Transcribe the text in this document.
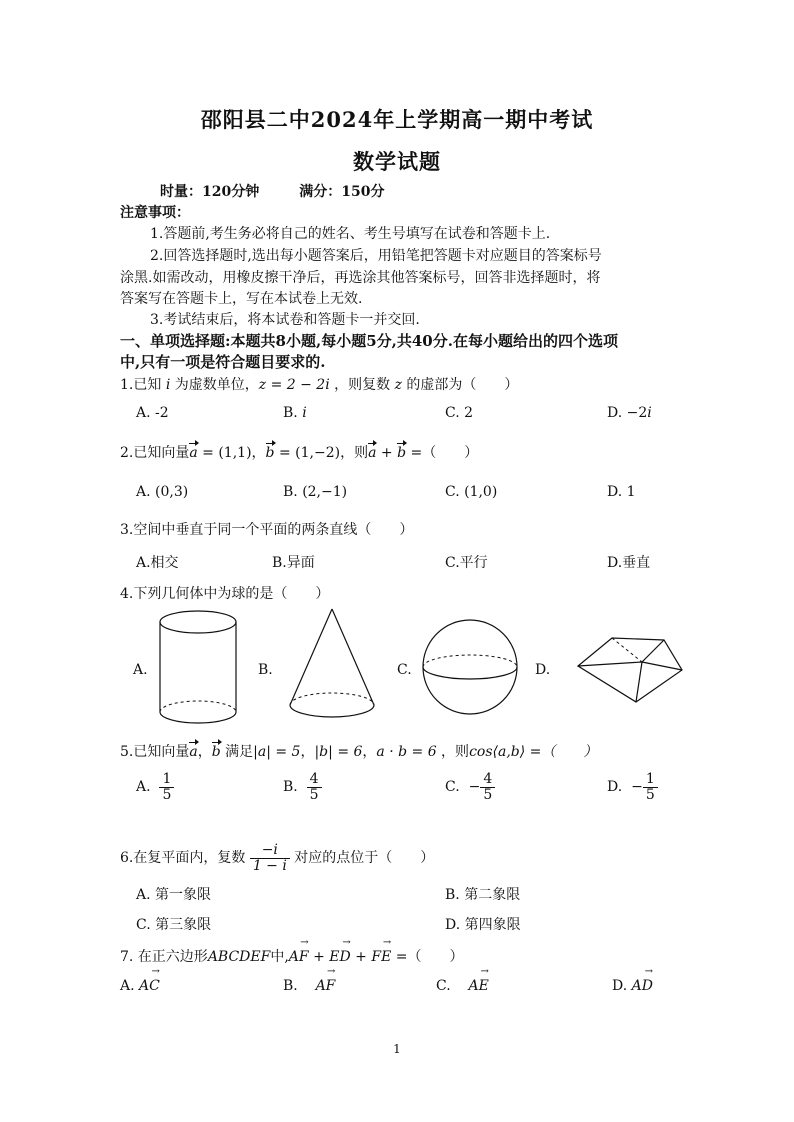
邵阳县二中2024年上学期高一期中考试
数学试题
时量：120分钟	满分：150分
注意事项：
1.答题前,考生务必将自己的姓名、考生号填写在试卷和答题卡上.
2.回答选择题时,选出每小题答案后，用铅笔把答题卡对应题目的答案标号
涂黑.如需改动，用橡皮擦干净后，再选涂其他答案标号，回答非选择题时，将
答案写在答题卡上，写在本试卷上无效.
3.考试结束后，将本试卷和答题卡一并交回.
一、单项选择题:本题共8小题,每小题5分,共40分.在每小题给出的四个选项
中,只有一项是符合题目要求的.
1.已知 i 为虚数单位，z = 2 − 2i ，则复数 z 的虚部为（　　）
A. -2	B. i	C. 2	D. −2i
2.已知向量a = (1,1)，b = (1,−2)，则a + b =（　　）
A. (0,3)	B. (2,−1)	C. (1,0)	D. 1
3.空间中垂直于同一个平面的两条直线（　　）
A.相交	B.异面	C.平行	D.垂直
4.下列几何体中为球的是（　　）
A.	B.	C.	D.
5.已知向量a，b 满足|a| = 5，|b| = 6，a · b = 6 ，则cos⟨a,b⟩ =（　　）
A. $\frac{1}{5}$	B. $\frac{4}{5}$	C. − $\frac{4}{5}$	D. − $\frac{1}{5}$
6.在复平面内，复数 $\frac{-i}{1 - i}$ 对应的点位于（　　）
A. 第一象限	B. 第二象限
C. 第三象限	D. 第四象限
7. 在正六边形ABCDEF中,AF → + ED → + FE → =（　　）
A. AC →	B. AF →	C. AE →	D. AD →
1
